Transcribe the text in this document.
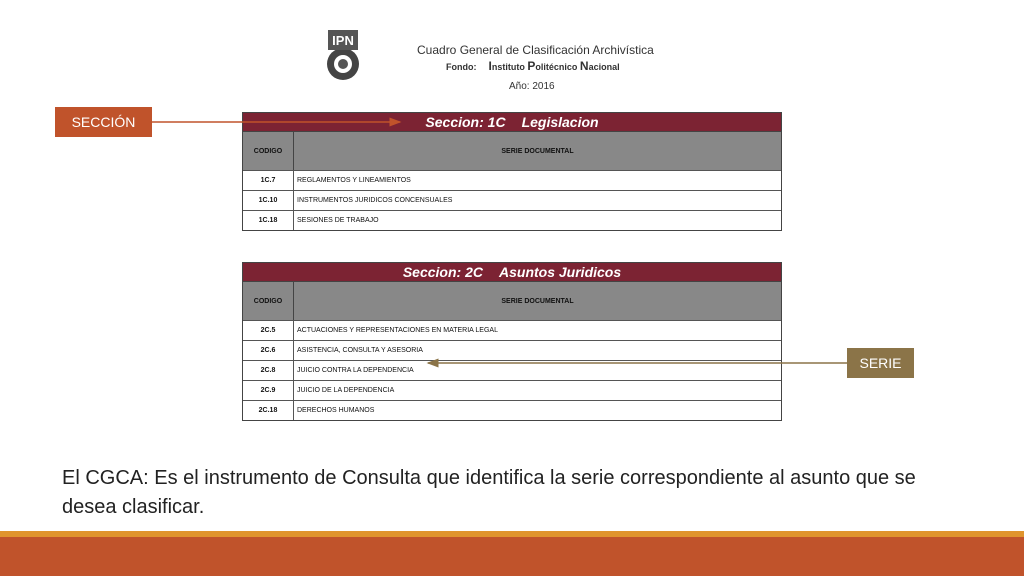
IPN
Cuadro General de Clasificación Archivística
Fondo: Instituto Politécnico Nacional
Año: 2016
Seccion: 1C Legislacion
CODIGO	SERIE DOCUMENTAL
1C.7	REGLAMENTOS Y LINEAMIENTOS
1C.10	INSTRUMENTOS JURIDICOS CONCENSUALES
1C.18	SESIONES DE TRABAJO
Seccion: 2C Asuntos Juridicos
CODIGO	SERIE DOCUMENTAL
2C.5	ACTUACIONES Y REPRESENTACIONES EN MATERIA LEGAL
2C.6	ASISTENCIA, CONSULTA Y ASESORIA
2C.8	JUICIO CONTRA LA DEPENDENCIA
2C.9	JUICIO DE LA DEPENDENCIA
2C.18	DERECHOS HUMANOS
SECCIÓN
SERIE
El CGCA: Es el instrumento de Consulta que identifica la serie correspondiente al asunto que se desea clasificar.
